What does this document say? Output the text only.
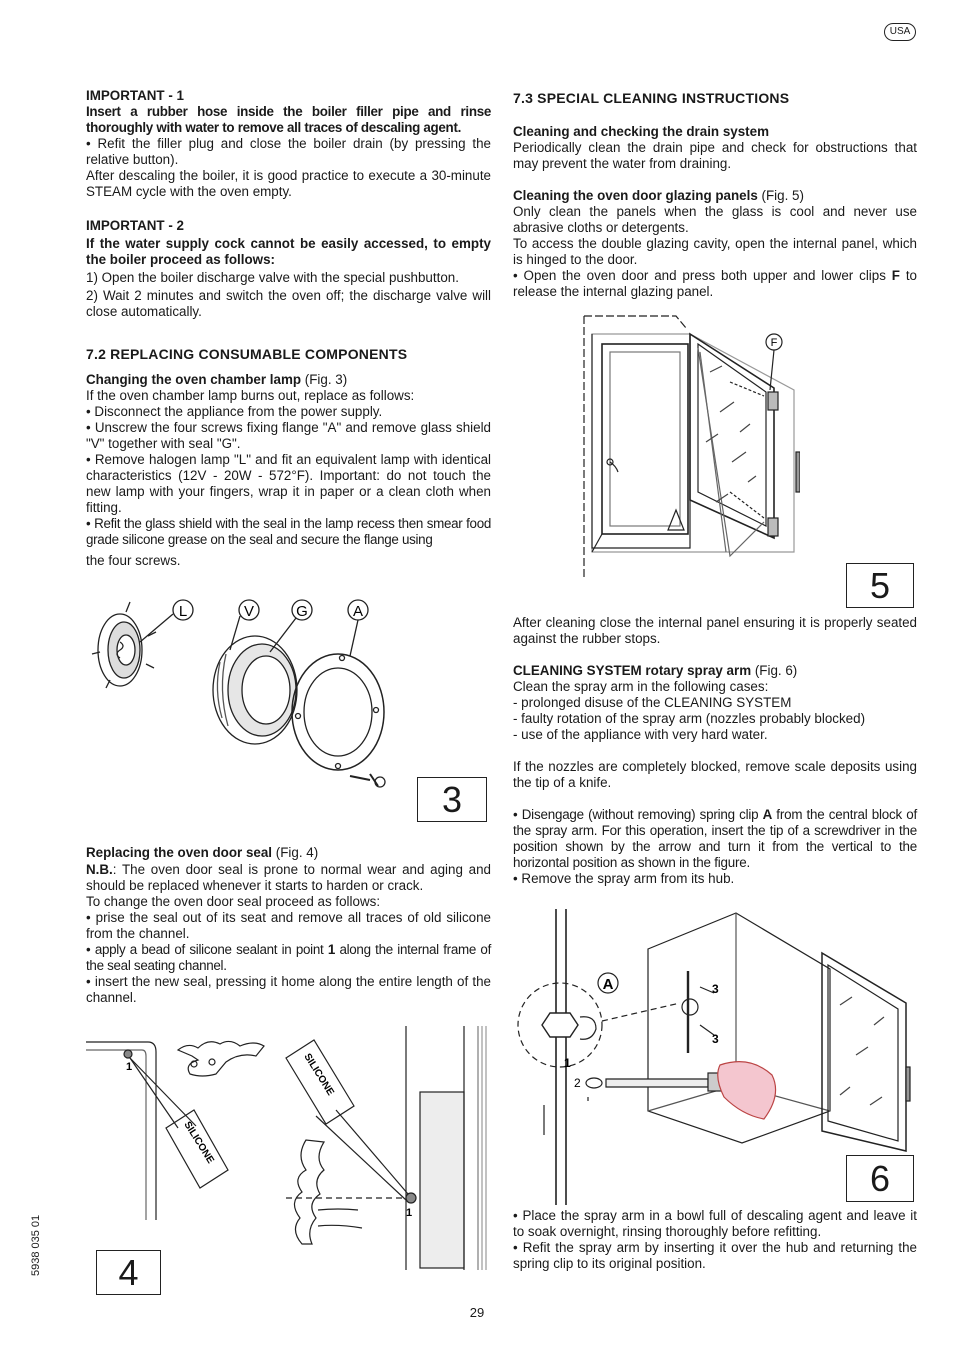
USA

IMPORTANT - 1

Insert a rubber hose inside the boiler filler pipe and rinse thoroughly with water to remove all traces of descaling agent.

• Refit the filler plug and close the boiler drain (by pressing the relative button).

After descaling the boiler, it is good practice to execute a 30-minute STEAM cycle with the oven empty.

IMPORTANT - 2

If the water supply cock cannot be easily accessed, to empty the boiler proceed as follows:

1) Open the boiler discharge valve with the special pushbutton.

2) Wait 2 minutes and switch the oven off; the discharge valve will close automatically.

7.2 REPLACING CONSUMABLE COMPONENTS

Changing the oven chamber lamp (Fig. 3)

If the oven chamber lamp burns out, replace as follows:

• Disconnect the appliance from the power supply.

• Unscrew the four screws fixing flange "A" and remove glass shield "V" together with seal "G".

• Remove halogen lamp "L" and fit an equivalent lamp with identical characteristics (12V - 20W - 572°F). Important: do not touch the new lamp with your fingers, wrap it in paper or a clean cloth when fitting.

• Refit the glass shield with the seal in the lamp recess then smear food grade silicone grease on the seal and secure the flange using

the four screws.

L	V	G	A
3

Replacing the oven door seal (Fig. 4)

N.B.: The oven door seal is prone to normal wear and aging and should be replaced whenever it starts to harden or crack.

To change the oven door seal proceed as follows:

• prise the seal out of its seat and remove all traces of old silicone from the channel.

• apply a bead of silicone sealant in point 1 along the internal frame of the seal seating channel.

• insert the new seal, pressing it home along the entire length of the channel.

1
1
SILICONE
SILICONE
4

7.3 SPECIAL CLEANING INSTRUCTIONS

Cleaning and checking the drain system

Periodically clean the drain pipe and check for obstructions that may prevent the water from draining.

Cleaning the oven door glazing panels (Fig. 5)

Only clean the panels when the glass is cool and never use abrasive cloths or detergents.

To access the double glazing cavity, open the internal panel, which is hinged to the door.

• Open the oven door and press both upper and lower clips F to release the internal glazing panel.

F
5

After cleaning close the internal panel ensuring it is properly seated against the rubber stops.

CLEANING SYSTEM rotary spray arm (Fig. 6)

Clean the spray arm in the following cases:

- prolonged disuse of the CLEANING SYSTEM

- faulty rotation of the spray arm (nozzles probably blocked)

- use of the appliance with very hard water.

If the nozzles are completely blocked, remove scale deposits using the tip of a knife.

• Disengage (without removing) spring clip A from the central block of the spray arm. For this operation, insert the tip of a screwdriver in the position shown by the arrow and turn it from the vertical to the horizontal position as shown in the figure.

• Remove the spray arm from its hub.

A
1
2
3
3
6

• Place the spray arm in a bowl full of descaling agent and leave it to soak overnight, rinsing thoroughly before refitting.

• Refit the spray arm by inserting it over the hub and returning the spring clip to its original position.

5938 035 01
29
